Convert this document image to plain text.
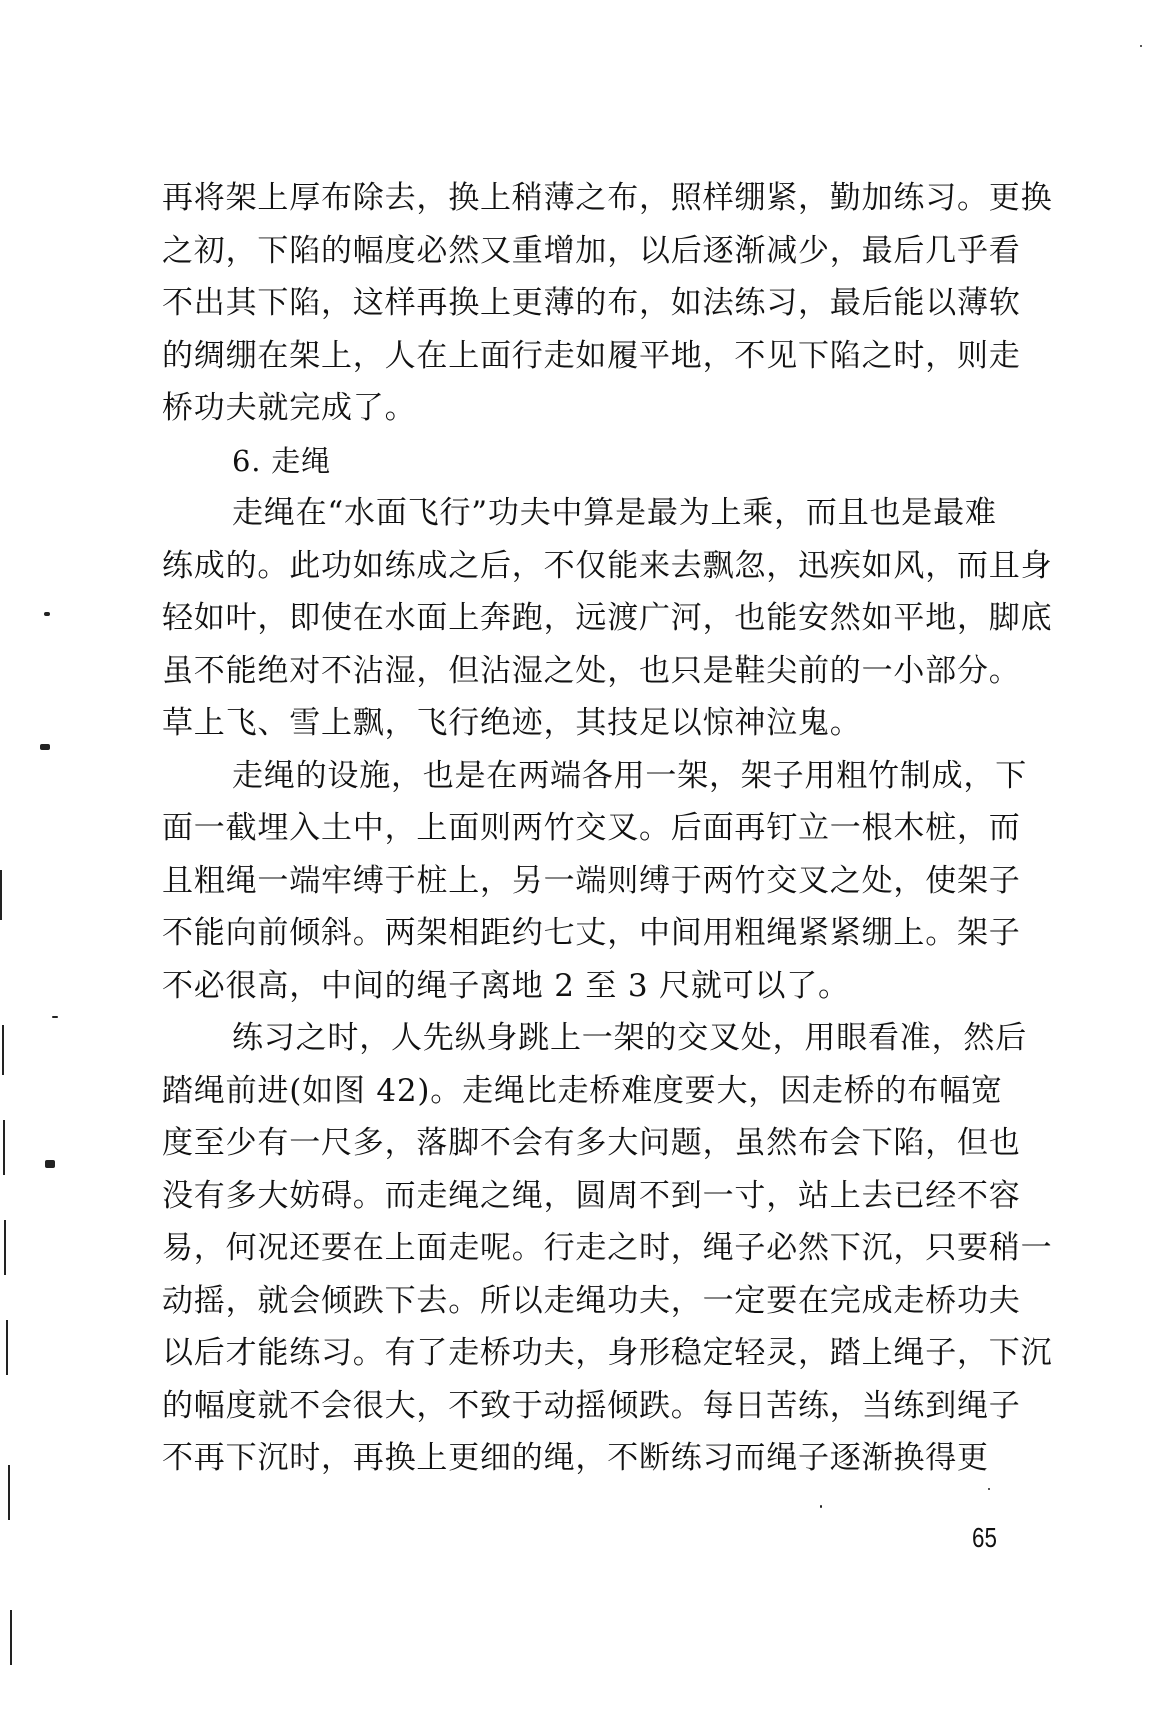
再将架上厚布除去，换上稍薄之布，照样绷紧，勤加练习。更换
之初，下陷的幅度必然又重增加，以后逐渐减少，最后几乎看
不出其下陷，这样再换上更薄的布，如法练习，最后能以薄软
的绸绷在架上，人在上面行走如履平地，不见下陷之时，则走
桥功夫就完成了。
6. 走绳
走绳在“水面飞行”功夫中算是最为上乘，而且也是最难
练成的。此功如练成之后，不仅能来去飘忽，迅疾如风，而且身
轻如叶，即使在水面上奔跑，远渡广河，也能安然如平地，脚底
虽不能绝对不沾湿，但沾湿之处，也只是鞋尖前的一小部分。
草上飞、雪上飘，飞行绝迹，其技足以惊神泣鬼。
走绳的设施，也是在两端各用一架，架子用粗竹制成，下
面一截埋入土中，上面则两竹交叉。后面再钉立一根木桩，而
且粗绳一端牢缚于桩上，另一端则缚于两竹交叉之处，使架子
不能向前倾斜。两架相距约七丈，中间用粗绳紧紧绷上。架子
不必很高，中间的绳子离地 2 至 3 尺就可以了。
练习之时，人先纵身跳上一架的交叉处，用眼看准，然后
踏绳前进(如图 42)。走绳比走桥难度要大，因走桥的布幅宽
度至少有一尺多，落脚不会有多大问题，虽然布会下陷，但也
没有多大妨碍。而走绳之绳，圆周不到一寸，站上去已经不容
易，何况还要在上面走呢。行走之时，绳子必然下沉，只要稍一
动摇，就会倾跌下去。所以走绳功夫，一定要在完成走桥功夫
以后才能练习。有了走桥功夫，身形稳定轻灵，踏上绳子，下沉
的幅度就不会很大，不致于动摇倾跌。每日苦练，当练到绳子
不再下沉时，再换上更细的绳，不断练习而绳子逐渐换得更
65
